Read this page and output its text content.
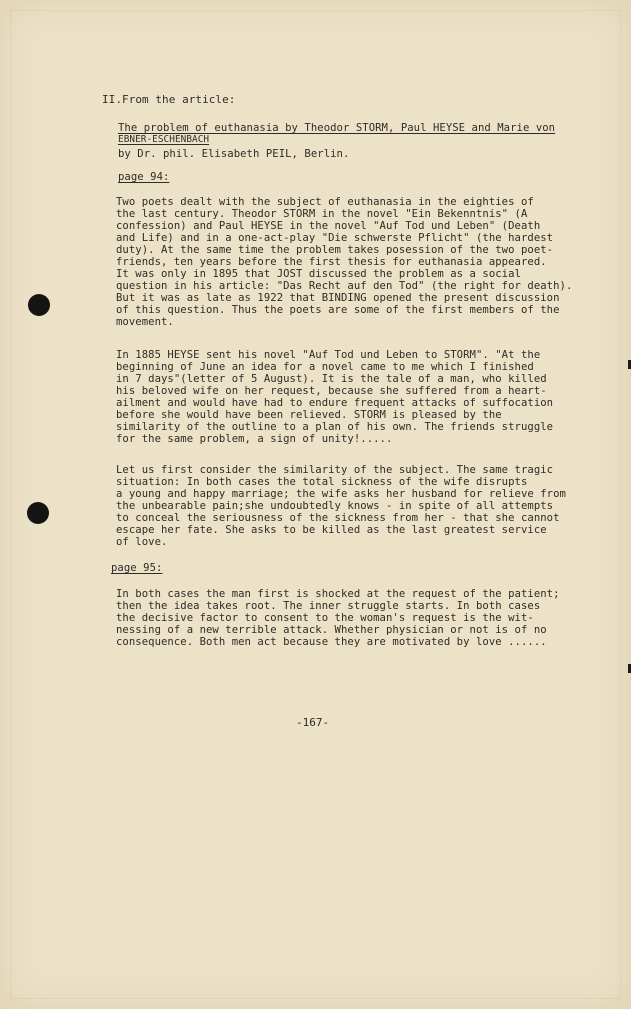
II.From the article:
The problem of euthanasia by Theodor STORM, Paul HEYSE and Marie von
EBNER-ESCHENBACH
by Dr. phil. Elisabeth PEIL, Berlin.
page 94:
Two poets dealt with the subject of euthanasia in the eighties of
the last century. Theodor STORM in the novel "Ein Bekenntnis" (A
confession) and Paul HEYSE in the novel "Auf Tod und Leben" (Death
and Life) and in a one-act-play "Die schwerste Pflicht" (the hardest
duty). At the same time the problem takes posession of the two poet-
friends, ten years before the first thesis for euthanasia appeared.
It was only in 1895 that JOST discussed the problem as a social
question in his article: "Das Recht auf den Tod" (the right for death).
But it was as late as 1922 that BINDING opened the present discussion
of this question. Thus the poets are some of the first members of the
movement.
In 1885 HEYSE sent his novel "Auf Tod und Leben to STORM". "At the
beginning of June an idea for a novel came to me which I finished
in 7 days"(letter of 5 August). It is the tale of a man, who killed
his beloved wife on her request, because she suffered from a heart-
ailment and would have had to endure frequent attacks of suffocation
before she would have been relieved. STORM is pleased by the
similarity of the outline to a plan of his own. The friends struggle
for the same problem, a sign of unity!.....
Let us first consider the similarity of the subject. The same tragic
situation: In both cases the total sickness of the wife disrupts
a young and happy marriage; the wife asks her husband for relieve from
the unbearable pain;she undoubtedly knows - in spite of all attempts
to conceal the seriousness of the sickness from her - that she cannot
escape her fate. She asks to be killed as the last greatest service
of love.
page 95:
In both cases the man first is shocked at the request of the patient;
then the idea takes root. The inner struggle starts. In both cases
the decisive factor to consent to the woman's request is the wit-
nessing of a new terrible attack. Whether physician or not is of no
consequence. Both men act because they are motivated by love ......
-167-
